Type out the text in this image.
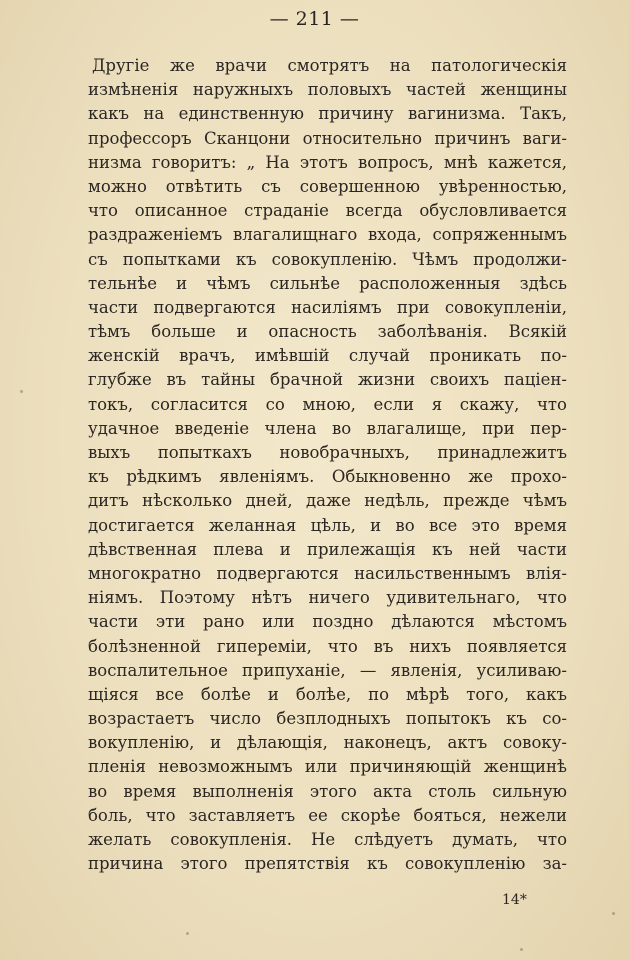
— 211 —
Другіе же врачи смотрятъ на патологическія
измѣненія наружныхъ половыхъ частей женщины
какъ на единственную причину вагинизма. Такъ,
профессоръ Сканцони относительно причинъ ваги-
низма говоритъ: „ На этотъ вопросъ, мнѣ кажется,
можно отвѣтить съ совершенною увѣренностью,
что описанное страданіе всегда обусловливается
раздраженіемъ влагалищнаго входа, сопряженнымъ
съ попытками къ совокупленію. Чѣмъ продолжи-
тельнѣе и чѣмъ сильнѣе расположенныя здѣсь
части подвергаются насиліямъ при совокупленіи,
тѣмъ больше и опасность заболѣванія. Всякій
женскій врачъ, имѣвшій случай проникать по-
глубже въ тайны брачной жизни своихъ паціен-
токъ, согласится со мною, если я скажу, что
удачное введеніе члена во влагалище, при пер-
выхъ попыткахъ новобрачныхъ, принадлежитъ
къ рѣдкимъ явленіямъ. Обыкновенно же прохо-
дитъ нѣсколько дней, даже недѣль, прежде чѣмъ
достигается желанная цѣль, и во все это время
дѣвственная плева и прилежащія къ ней части
многократно подвергаются насильственнымъ влія-
ніямъ. Поэтому нѣтъ ничего удивительнаго, что
части эти рано или поздно дѣлаются мѣстомъ
болѣзненной гипереміи, что въ нихъ появляется
воспалительное припуханіе, — явленія, усиливаю-
щіяся все болѣе и болѣе, по мѣрѣ того, какъ
возрастаетъ число безплодныхъ попытокъ къ со-
вокупленію, и дѣлающія, наконецъ, актъ совоку-
пленія невозможнымъ или причиняющій женщинѣ
во время выполненія этого акта столь сильную
боль, что заставляетъ ее скорѣе бояться, нежели
желать совокупленія. Не слѣдуетъ думать, что
причина этого препятствія къ совокупленію за-
14*
